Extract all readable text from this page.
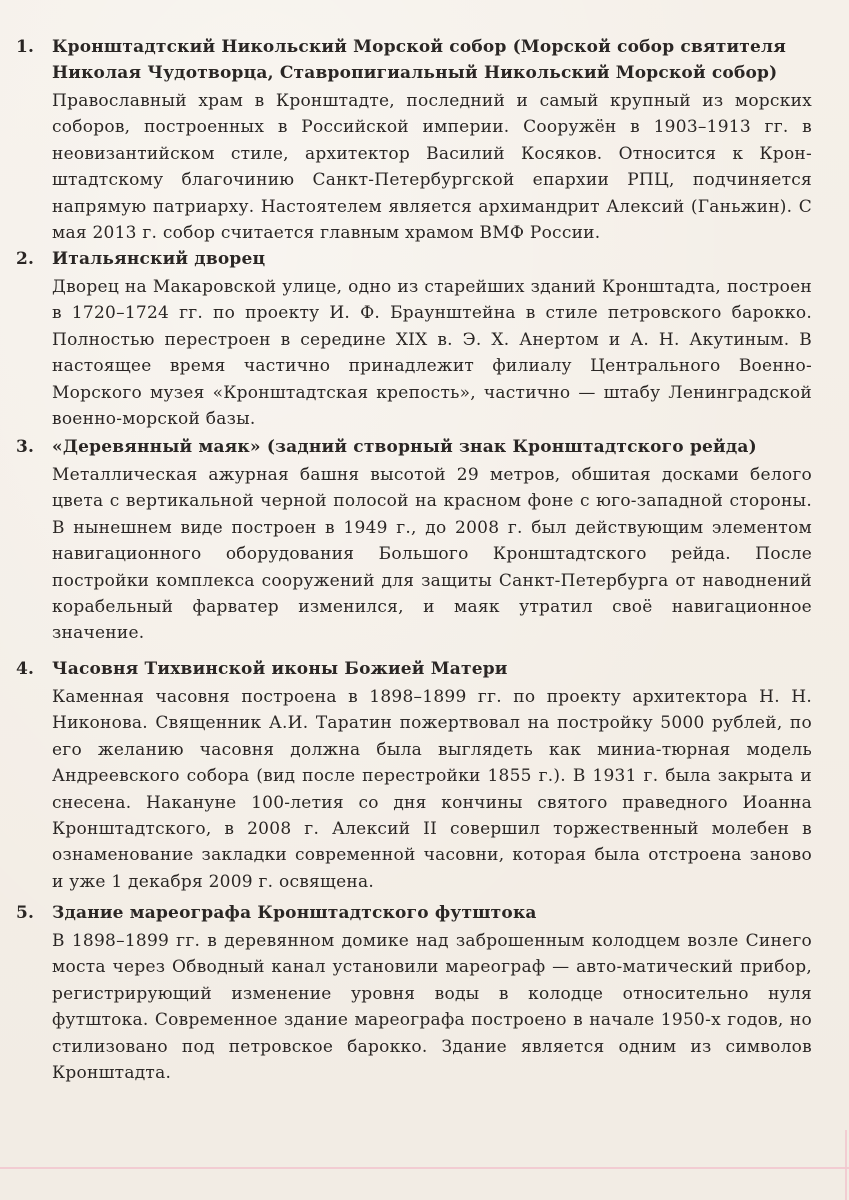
1. Кронштадтский Никольский Морской собор (Морской собор святителя Николая Чудотворца, Ставропигиальный Никольский Морской собор)
Православный храм в Кронштадте, последний и самый крупный из морских соборов, построенных в Российской империи. Сооружён в 1903–1913 гг. в неовизантийском стиле, архитектор Василий Косяков. Относится к Крон-штадтскому благочинию Санкт-Петербургской епархии РПЦ, подчиняется напрямую патриарху. Настоятелем является архимандрит Алексий (Ганьжин). С мая 2013 г. собор считается главным храмом ВМФ России.
2. Итальянский дворец
Дворец на Макаровской улице, одно из старейших зданий Кронштадта, построен в 1720–1724 гг. по проекту И. Ф. Браунштейна в стиле петровского барокко. Полностью перестроен в середине XIX в. Э. Х. Анертом и А. Н. Акутиным. В настоящее время частично принадлежит филиалу Центрального Военно-Морского музея «Кронштадтская крепость», частично — штабу Ленинградской военно-морской базы.
3. «Деревянный маяк» (задний створный знак Кронштадтского рейда)
Металлическая ажурная башня высотой 29 метров, обшитая досками белого цвета с вертикальной черной полосой на красном фоне с юго-западной стороны. В нынешнем виде построен в 1949 г., до 2008 г. был действующим элементом навигационного оборудования Большого Кронштадтского рейда. После постройки комплекса сооружений для защиты Санкт-Петербурга от наводнений корабельный фарватер изменился, и маяк утратил своё навигационное значение.
4. Часовня Тихвинской иконы Божией Матери
Каменная часовня построена в 1898–1899 гг. по проекту архитектора Н. Н. Никонова. Священник А.И. Таратин пожертвовал на постройку 5000 рублей, по его желанию часовня должна была выглядеть как миниа-тюрная модель Андреевского собора (вид после перестройки 1855 г.). В 1931 г. была закрыта и снесена. Накануне 100-летия со дня кончины святого праведного Иоанна Кронштадтского, в 2008 г. Алексий II совершил торжественный молебен в ознаменование закладки современной часовни, которая была отстроена заново и уже 1 декабря 2009 г. освящена.
5. Здание мареографа Кронштадтского футштока
В 1898–1899 гг. в деревянном домике над заброшенным колодцем возле Синего моста через Обводный канал установили мареограф — авто-матический прибор, регистрирующий изменение уровня воды в колодце относительно нуля футштока. Современное здание мареографа построено в начале 1950-х годов, но стилизовано под петровское барокко. Здание является одним из символов Кронштадта.
